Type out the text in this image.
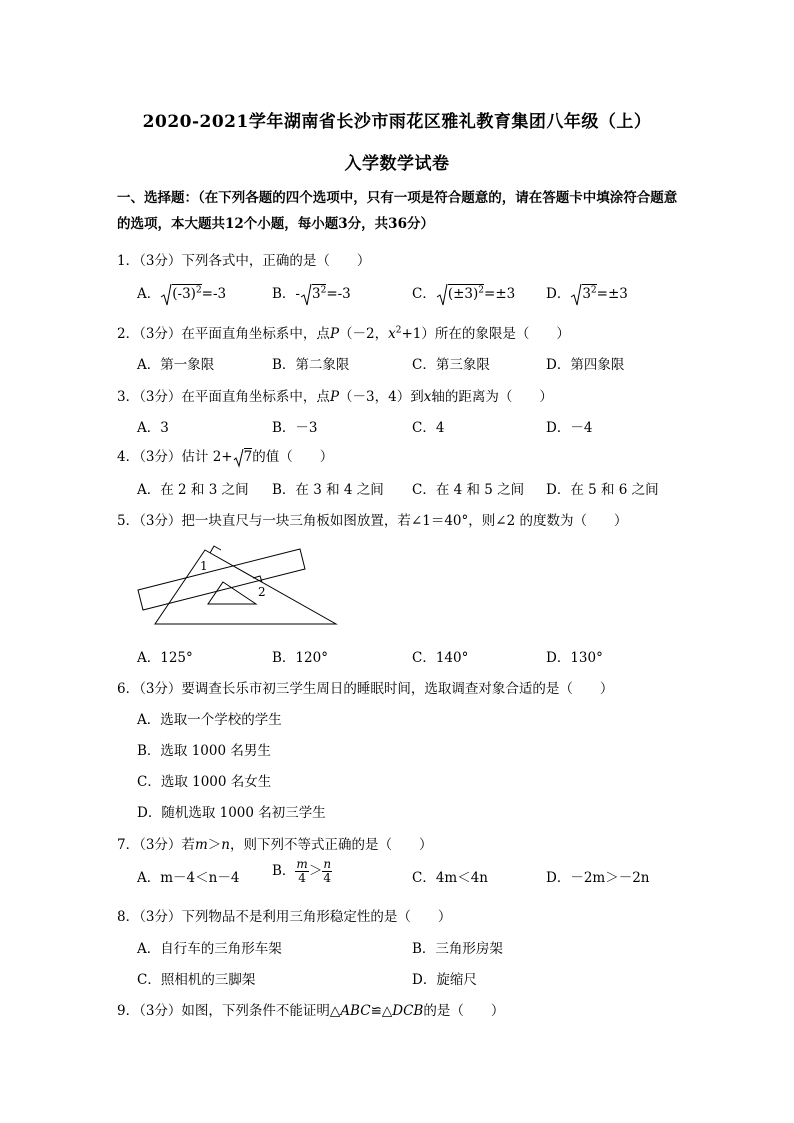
2020-2021学年湖南省长沙市雨花区雅礼教育集团八年级（上）
入学数学试卷
一、选择题：（在下列各题的四个选项中，只有一项是符合题意的，请在答题卡中填涂符合题意的选项，本大题共12个小题，每小题3分，共36分）
1．（3分）下列各式中，正确的是（　　）
A． $(-3)^2=-3$	B．- $3^2=-3$	C． $(\pm 3)^2=\pm 3$ D． $3^2=\pm 3$
2．（3分）在平面直角坐标系中，点P（－2，$x^2+1$）所在的象限是（　　）
A．第一象限	B．第二象限	C．第三象限	D．第四象限
3．（3分）在平面直角坐标系中，点P（－3，4）到x轴的距离为（　　）
A．3	B．－3	C．4	D．－4
4．（3分）估计 2+ 7的值（　　）
A．在 2 和 3 之间 B．在 3 和 4 之间 C．在 4 和 5 之间 D．在 5 和 6 之间
5．（3分）把一块直尺与一块三角板如图放置，若∠1＝40°，则∠2 的度数为（　　）
1
2
A．125°	B．120°	C．140°	D．130°
6．（3分）要调查长乐市初三学生周日的睡眠时间，选取调查对象合适的是（　　）
A．选取一个学校的学生
B．选取 1000 名男生
C．选取 1000 名女生
D．随机选取 1000 名初三学生
7．（3分）若m＞n，则下列不等式正确的是（　　）
A．m－4＜n－4 B． $\frac{m}{4} > \frac{n}{4}$	C．4m＜4n	D．－2m＞－2n
8．（3分）下列物品不是利用三角形稳定性的是（　　）
A．自行车的三角形车架	B．三角形房架
C．照相机的三脚架	D．旋缩尺
9．（3分）如图，下列条件不能证明△ABC≌△DCB的是（　　）
